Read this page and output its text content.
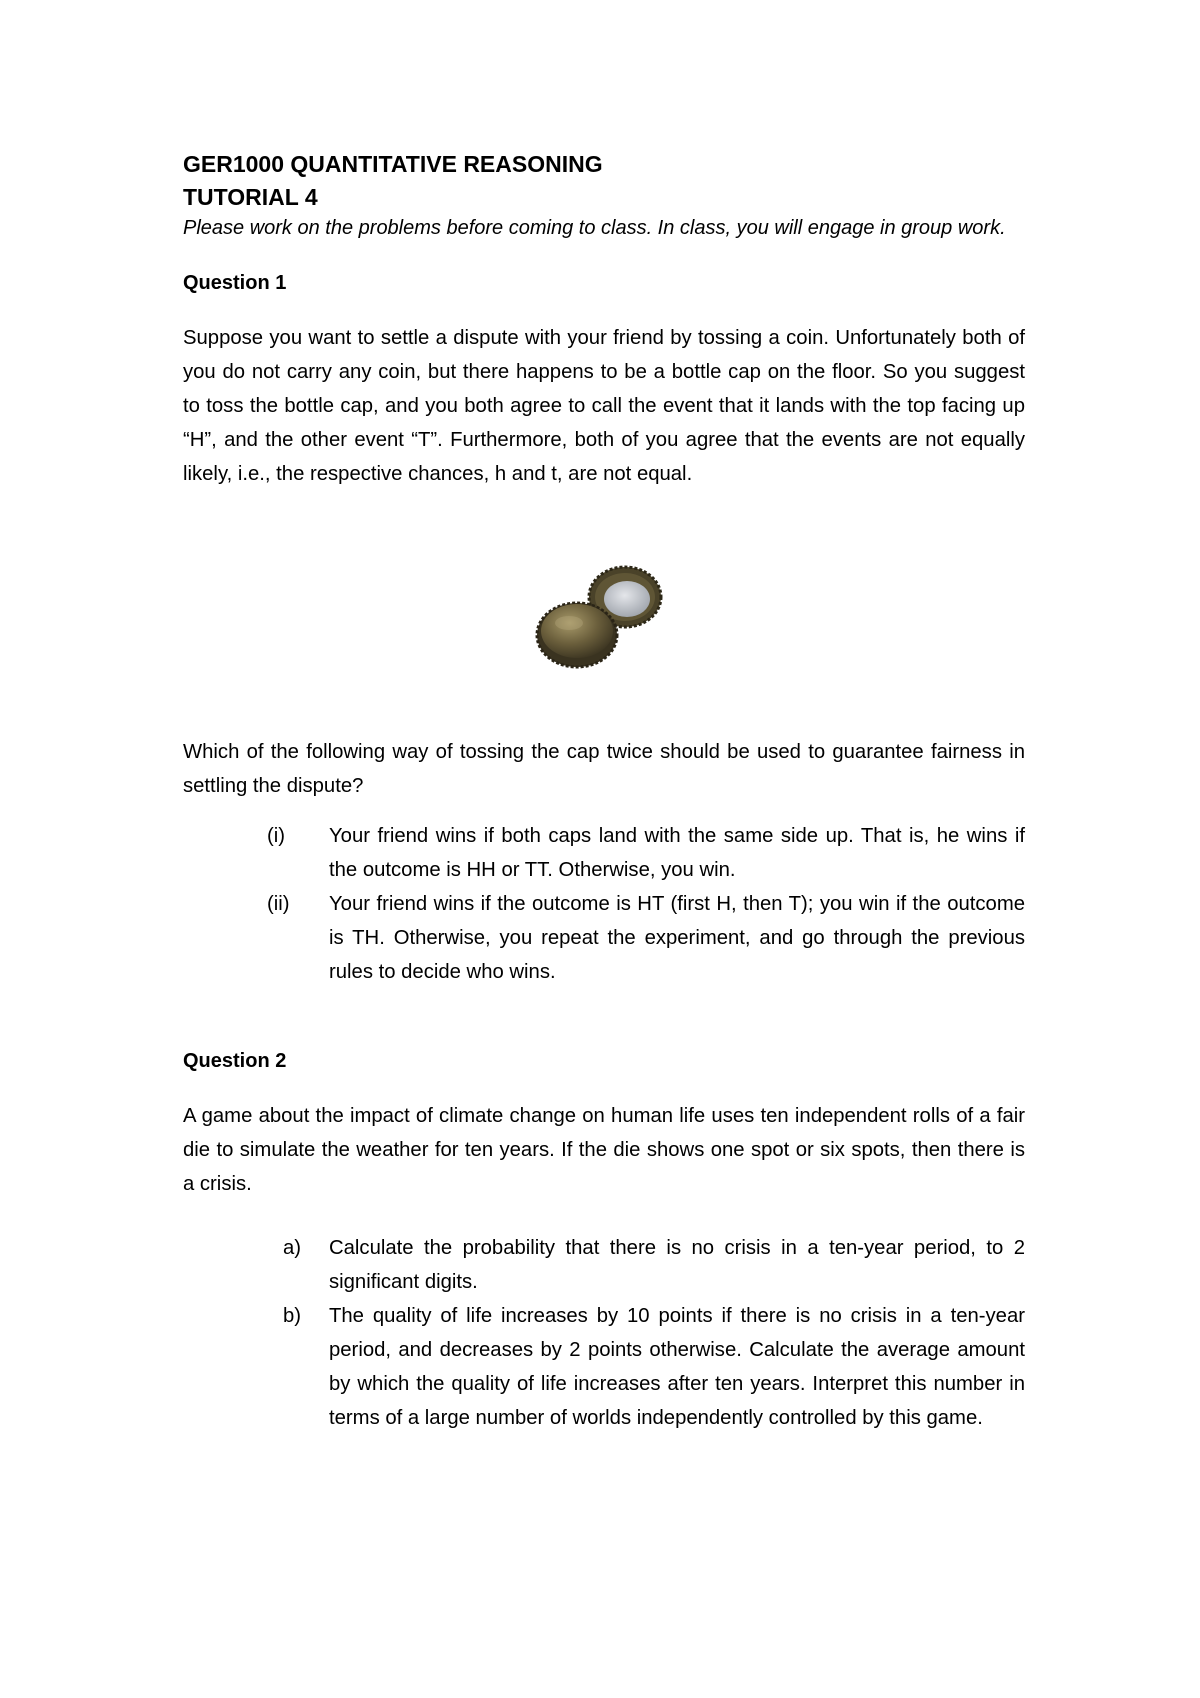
GER1000 QUANTITATIVE REASONING

TUTORIAL 4

Please work on the problems before coming to class. In class, you will engage in group work.

Question 1

Suppose you want to settle a dispute with your friend by tossing a coin. Unfortunately both of you do not carry any coin, but there happens to be a bottle cap on the floor. So you suggest to toss the bottle cap, and you both agree to call the event that it lands with the top facing up “H”, and the other event “T”. Furthermore, both of you agree that the events are not equally likely, i.e., the respective chances, h and t, are not equal.

Which of the following way of tossing the cap twice should be used to guarantee fairness in settling the dispute?

(i)	Your friend wins if both caps land with the same side up. That is, he wins if the outcome is HH or TT. Otherwise, you win.
(ii)	Your friend wins if the outcome is HT (first H, then T); you win if the outcome is TH. Otherwise, you repeat the experiment, and go through the previous rules to decide who wins.

Question 2

A game about the impact of climate change on human life uses ten independent rolls of a fair die to simulate the weather for ten years. If the die shows one spot or six spots, then there is a crisis.

a) Calculate the probability that there is no crisis in a ten-year period, to 2 significant digits.
b) The quality of life increases by 10 points if there is no crisis in a ten-year period, and decreases by 2 points otherwise. Calculate the average amount by which the quality of life increases after ten years. Interpret this number in terms of a large number of worlds independently controlled by this game.
